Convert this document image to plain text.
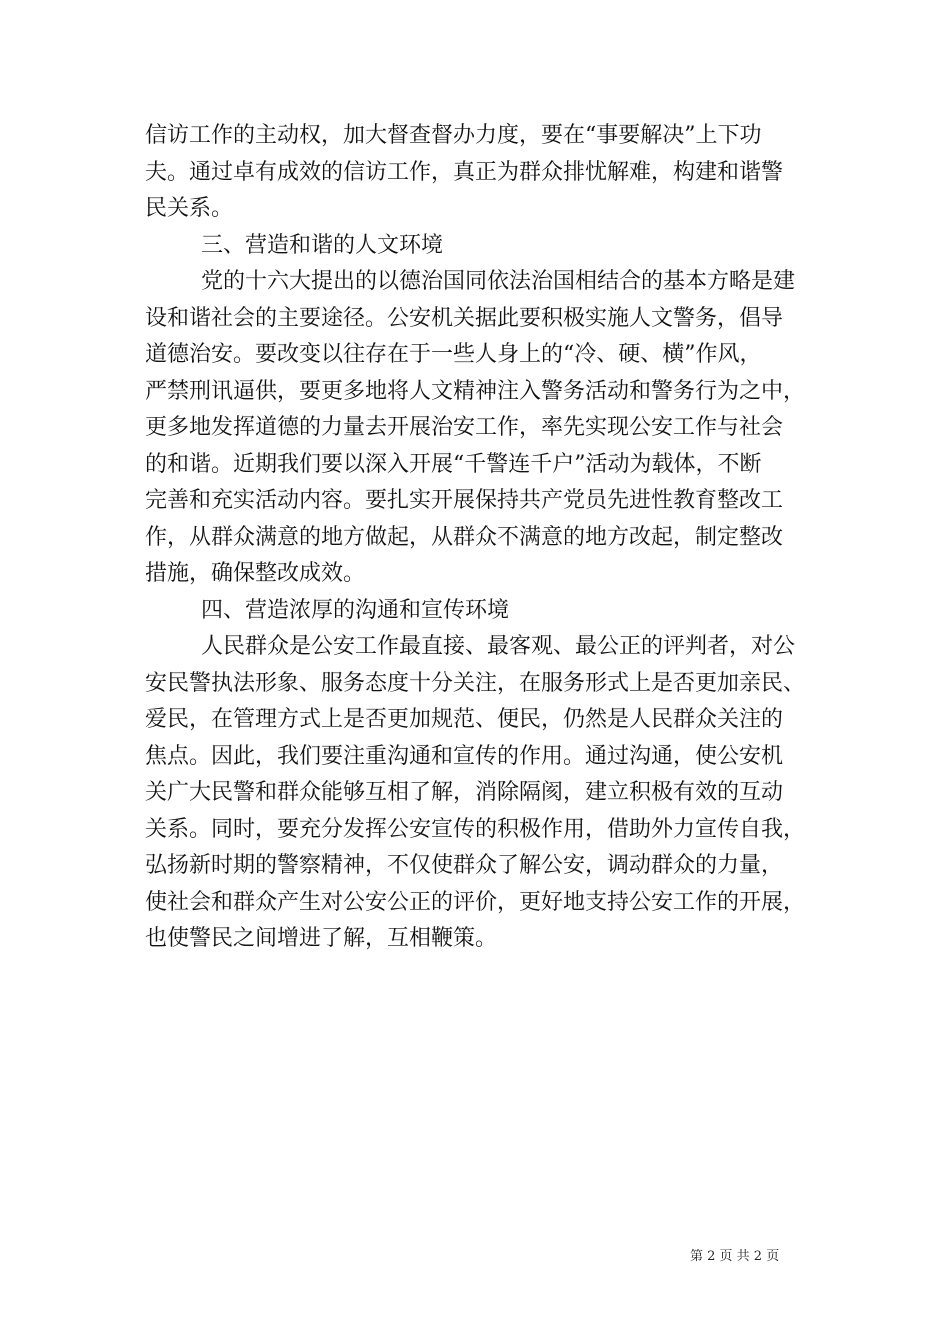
信访工作的主动权，加大督查督办力度，要在“事要解决”上下功
夫。通过卓有成效的信访工作，真正为群众排忧解难，构建和谐警
民关系。
三、营造和谐的人文环境
党的十六大提出的以德治国同依法治国相结合的基本方略是建
设和谐社会的主要途径。公安机关据此要积极实施人文警务，倡导
道德治安。要改变以往存在于一些人身上的“冷、硬、横”作风，
严禁刑讯逼供，要更多地将人文精神注入警务活动和警务行为之中，
更多地发挥道德的力量去开展治安工作，率先实现公安工作与社会
的和谐。近期我们要以深入开展“千警连千户”活动为载体，不断
完善和充实活动内容。要扎实开展保持共产党员先进性教育整改工
作，从群众满意的地方做起，从群众不满意的地方改起，制定整改
措施，确保整改成效。
四、营造浓厚的沟通和宣传环境
人民群众是公安工作最直接、最客观、最公正的评判者，对公
安民警执法形象、服务态度十分关注，在服务形式上是否更加亲民、
爱民，在管理方式上是否更加规范、便民，仍然是人民群众关注的
焦点。因此，我们要注重沟通和宣传的作用。通过沟通，使公安机
关广大民警和群众能够互相了解，消除隔阂，建立积极有效的互动
关系。同时，要充分发挥公安宣传的积极作用，借助外力宣传自我，
弘扬新时期的警察精神，不仅使群众了解公安，调动群众的力量，
使社会和群众产生对公安公正的评价，更好地支持公安工作的开展，
也使警民之间增进了解，互相鞭策。
第 2 页 共 2 页
